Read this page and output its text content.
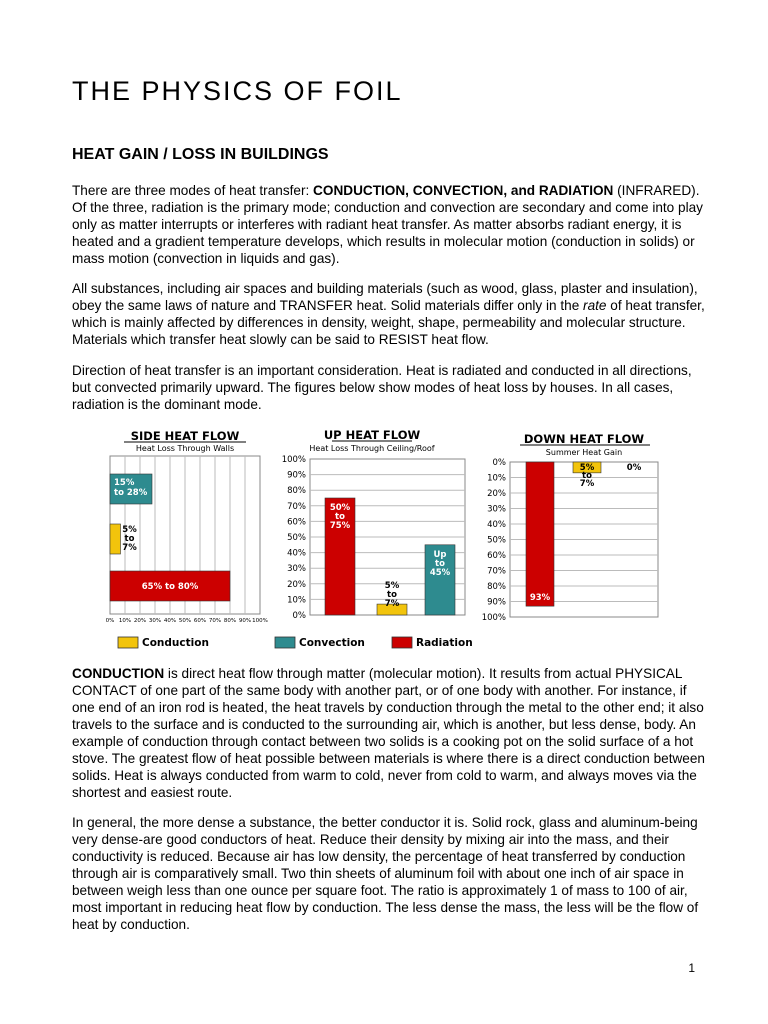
THE PHYSICS OF FOIL
HEAT GAIN / LOSS IN BUILDINGS

There are three modes of heat transfer: CONDUCTION, CONVECTION, and RADIATION (INFRARED). Of the three, radiation is the primary mode; conduction and convection are secondary and come into play only as matter interrupts or interferes with radiant heat transfer. As matter absorbs radiant energy, it is heated and a gradient temperature develops, which results in molecular motion (conduction in solids) or mass motion (convection in liquids and gas).

All substances, including air spaces and building materials (such as wood, glass, plaster and insulation), obey the same laws of nature and TRANSFER heat. Solid materials differ only in the rate of heat transfer, which is mainly affected by differences in density, weight, shape, permeability and molecular structure. Materials which transfer heat slowly can be said to RESIST heat flow.

Direction of heat transfer is an important consideration. Heat is radiated and conducted in all directions, but convected primarily upward. The figures below show modes of heat loss by houses. In all cases, radiation is the dominant mode.

SIDE HEAT FLOW
Heat Loss Through Walls
0% 10% 20% 30% 40% 50% 60% 70% 80% 90% 100%
15%
to 28%
5%
to
7%
65% to 80%
UP HEAT FLOW
Heat Loss Through Ceiling/Roof
0%
10%
20%
30%
40%
50%
60%
70%
80%
90%
100%
50%
to
75%
5%
to
7%
Up
to
45%
DOWN HEAT FLOW
Summer Heat Gain
0%
10%
20%
30%
40%
50%
60%
70%
80%
90%
100%
93%
5%
to
7%
0%
Conduction	Convection	Radiation

CONDUCTION is direct heat flow through matter (molecular motion). It results from actual PHYSICAL CONTACT of one part of the same body with another part, or of one body with another. For instance, if one end of an iron rod is heated, the heat travels by conduction through the metal to the other end; it also travels to the surface and is conducted to the surrounding air, which is another, but less dense, body. An example of conduction through contact between two solids is a cooking pot on the solid surface of a hot stove. The greatest flow of heat possible between materials is where there is a direct conduction between solids. Heat is always conducted from warm to cold, never from cold to warm, and always moves via the shortest and easiest route.

In general, the more dense a substance, the better conductor it is. Solid rock, glass and aluminum-being very dense-are good conductors of heat. Reduce their density by mixing air into the mass, and their conductivity is reduced. Because air has low density, the percentage of heat transferred by conduction through air is comparatively small. Two thin sheets of aluminum foil with about one inch of air space in between weigh less than one ounce per square foot. The ratio is approximately 1 of mass to 100 of air, most important in reducing heat flow by conduction. The less dense the mass, the less will be the flow of heat by conduction.

1
